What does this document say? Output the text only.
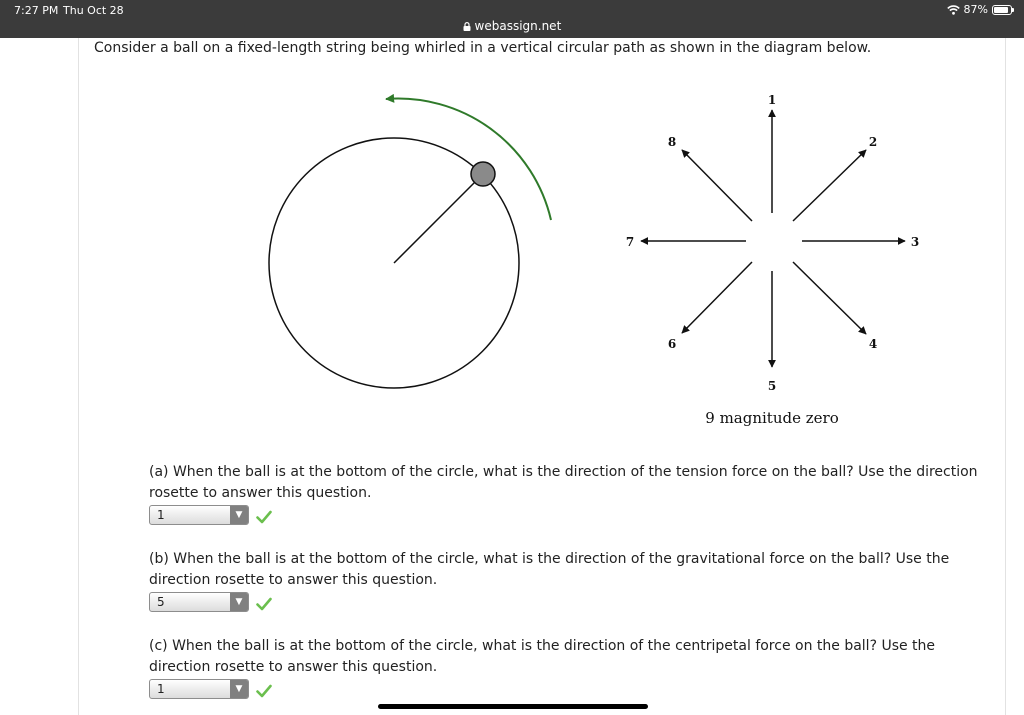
7:27 PM Thu Oct 28
webassign.net
87%
Consider a ball on a fixed-length string being whirled in a vertical circular path as shown in the diagram below.
1
2
3
4
5
6
7
8
9 magnitude zero
(a) When the ball is at the bottom of the circle, what is the direction of the tension force on the ball? Use the direction rosette to answer this question.
1	▼
(b) When the ball is at the bottom of the circle, what is the direction of the gravitational force on the ball? Use the direction rosette to answer this question.
5	▼
(c) When the ball is at the bottom of the circle, what is the direction of the centripetal force on the ball? Use the direction rosette to answer this question.
1	▼
